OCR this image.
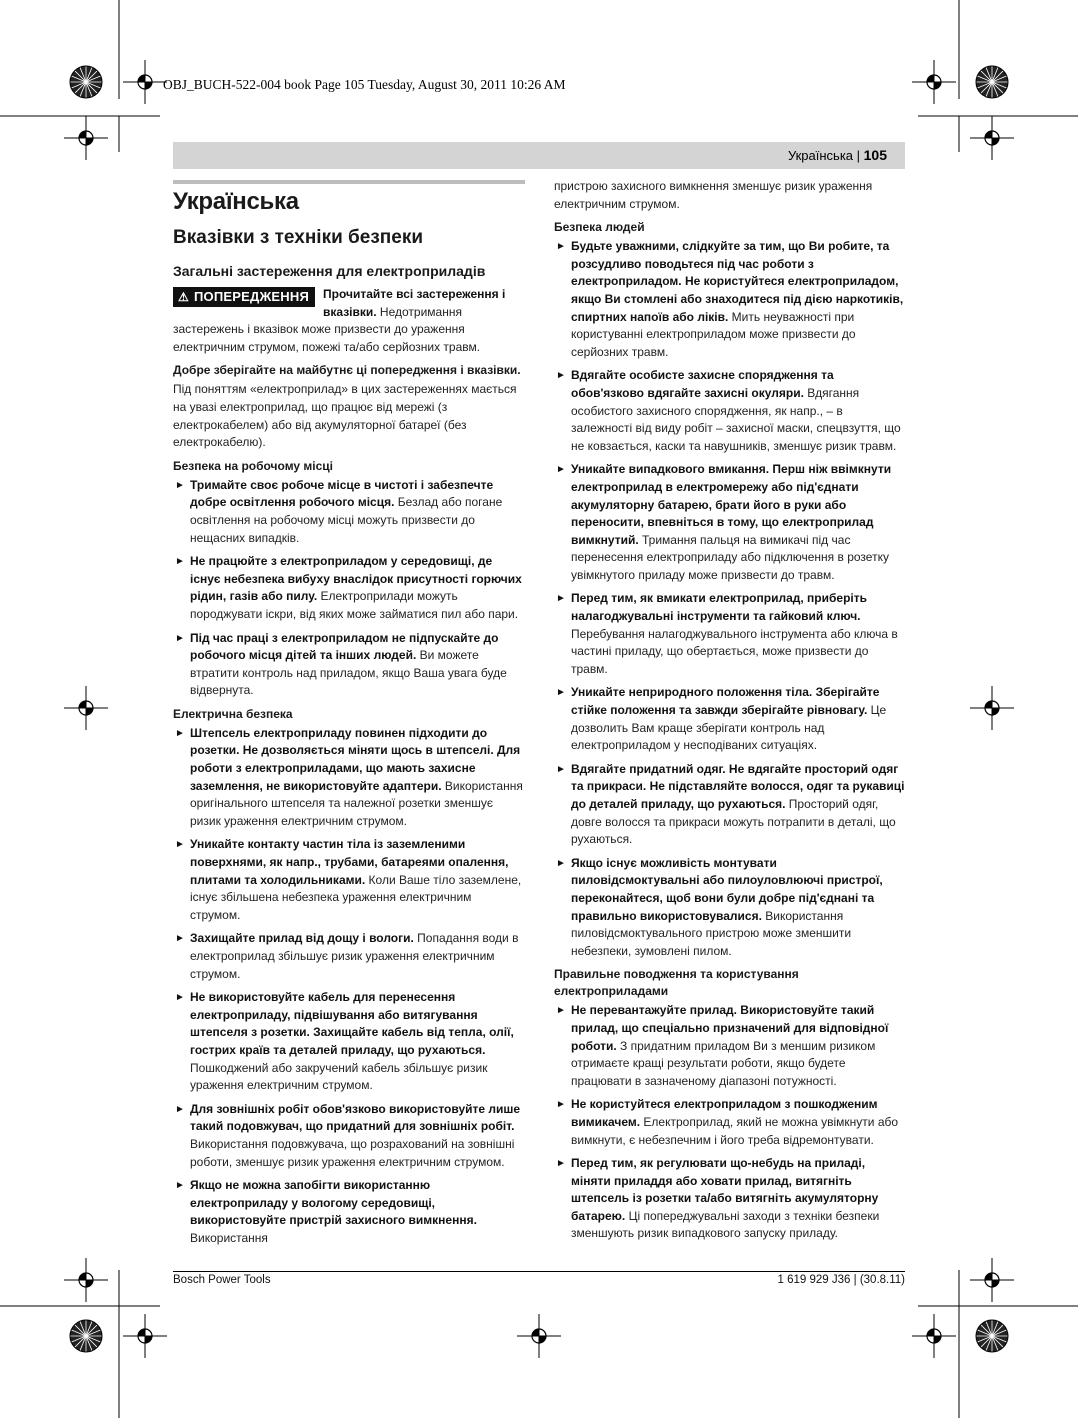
OBJ_BUCH-522-004 book Page 105 Tuesday, August 30, 2011 10:26 AM
Українська | 105
Українська
Вказівки з техніки безпеки
Загальні застереження для електроприладів
⚠ ПОПЕРЕДЖЕННЯ	Прочитайте всі застереження і вказівки. Недотримання застережень і вказівок може призвести до ураження електричним струмом, пожежі та/або серйозних травм.

Добре зберігайте на майбутнє ці попередження і вказівки.

Під поняттям «електроприлад» в цих застереженнях мається на увазі електроприлад, що працює від мережі (з електрокабелем) або від акумуляторної батареї (без електрокабелю).

Безпека на робочому місці
► Тримайте своє робоче місце в чистоті і забезпечте добре освітлення робочого місця. Безлад або погане освітлення на робочому місці можуть призвести до нещасних випадків.
► Не працюйте з електроприладом у середовищі, де існує небезпека вибуху внаслідок присутності горючих рідин, газів або пилу. Електроприлади можуть породжувати іскри, від яких може займатися пил або пари.
► Під час праці з електроприладом не підпускайте до робочого місця дітей та інших людей. Ви можете втратити контроль над приладом, якщо Ваша увага буде відвернута.
Електрична безпека
► Штепсель електроприладу повинен підходити до розетки. Не дозволяється міняти щось в штепселі. Для роботи з електроприладами, що мають захисне заземлення, не використовуйте адаптери. Використання оригінального штепселя та належної розетки зменшує ризик ураження електричним струмом.
► Уникайте контакту частин тіла із заземленими поверхнями, як напр., трубами, батареями опалення, плитами та холодильниками. Коли Ваше тіло заземлене, існує збільшена небезпека ураження електричним струмом.
► Захищайте прилад від дощу і вологи. Попадання води в електроприлад збільшує ризик ураження електричним струмом.
► Не використовуйте кабель для перенесення електроприладу, підвішування або витягування штепселя з розетки. Захищайте кабель від тепла, олії, гострих країв та деталей приладу, що рухаються. Пошкоджений або закручений кабель збільшує ризик ураження електричним струмом.
► Для зовнішніх робіт обов'язково використовуйте лише такий подовжувач, що придатний для зовнішніх робіт. Використання подовжувача, що розрахований на зовнішні роботи, зменшує ризик ураження електричним струмом.
► Якщо не можна запобігти використанню електроприладу у вологому середовищі, використовуйте пристрій захисного вимкнення. Використання

пристрою захисного вимкнення зменшує ризик ураження електричним струмом.

Безпека людей
► Будьте уважними, слідкуйте за тим, що Ви робите, та розсудливо поводьтеся під час роботи з електроприладом. Не користуйтеся електроприладом, якщо Ви стомлені або знаходитеся під дією наркотиків, спиртних напоїв або ліків. Мить неуважності при користуванні електроприладом може призвести до серйозних травм.
► Вдягайте особисте захисне спорядження та обов'язково вдягайте захисні окуляри. Вдягання особистого захисного спорядження, як напр., – в залежності від виду робіт – захисної маски, спецвзуття, що не ковзається, каски та навушників, зменшує ризик травм.
► Уникайте випадкового вмикання. Перш ніж ввімкнути електроприлад в електромережу або під'єднати акумуляторну батарею, брати його в руки або переносити, впевніться в тому, що електроприлад вимкнутий. Тримання пальця на вимикачі під час перенесення електроприладу або підключення в розетку увімкнутого приладу може призвести до травм.
► Перед тим, як вмикати електроприлад, приберіть налагоджувальні інструменти та гайковий ключ. Перебування налагоджувального інструмента або ключа в частині приладу, що обертається, може призвести до травм.
► Уникайте неприродного положення тіла. Зберігайте стійке положення та завжди зберігайте рівновагу. Це дозволить Вам краще зберігати контроль над електроприладом у несподіваних ситуаціях.
► Вдягайте придатний одяг. Не вдягайте просторий одяг та прикраси. Не підставляйте волосся, одяг та рукавиці до деталей приладу, що рухаються. Просторий одяг, довге волосся та прикраси можуть потрапити в деталі, що рухаються.
► Якщо існує можливість монтувати пиловідсмоктувальні або пилоуловлюючі пристрої, переконайтеся, щоб вони були добре під'єднані та правильно використовувалися. Використання пиловідсмоктувального пристрою може зменшити небезпеки, зумовлені пилом.
Правильне поводження та користування електроприладами
► Не перевантажуйте прилад. Використовуйте такий прилад, що спеціально призначений для відповідної роботи. З придатним приладом Ви з меншим ризиком отримаєте кращі результати роботи, якщо будете працювати в зазначеному діапазоні потужності.
► Не користуйтеся електроприладом з пошкодженим вимикачем. Електроприлад, який не можна увімкнути або вимкнути, є небезпечним і його треба відремонтувати.
► Перед тим, як регулювати що-небудь на приладі, міняти приладдя або ховати прилад, витягніть штепсель із розетки та/або витягніть акумуляторну батарею. Ці попереджувальні заходи з техніки безпеки зменшують ризик випадкового запуску приладу.
Bosch Power Tools	1 619 929 J36 | (30.8.11)
